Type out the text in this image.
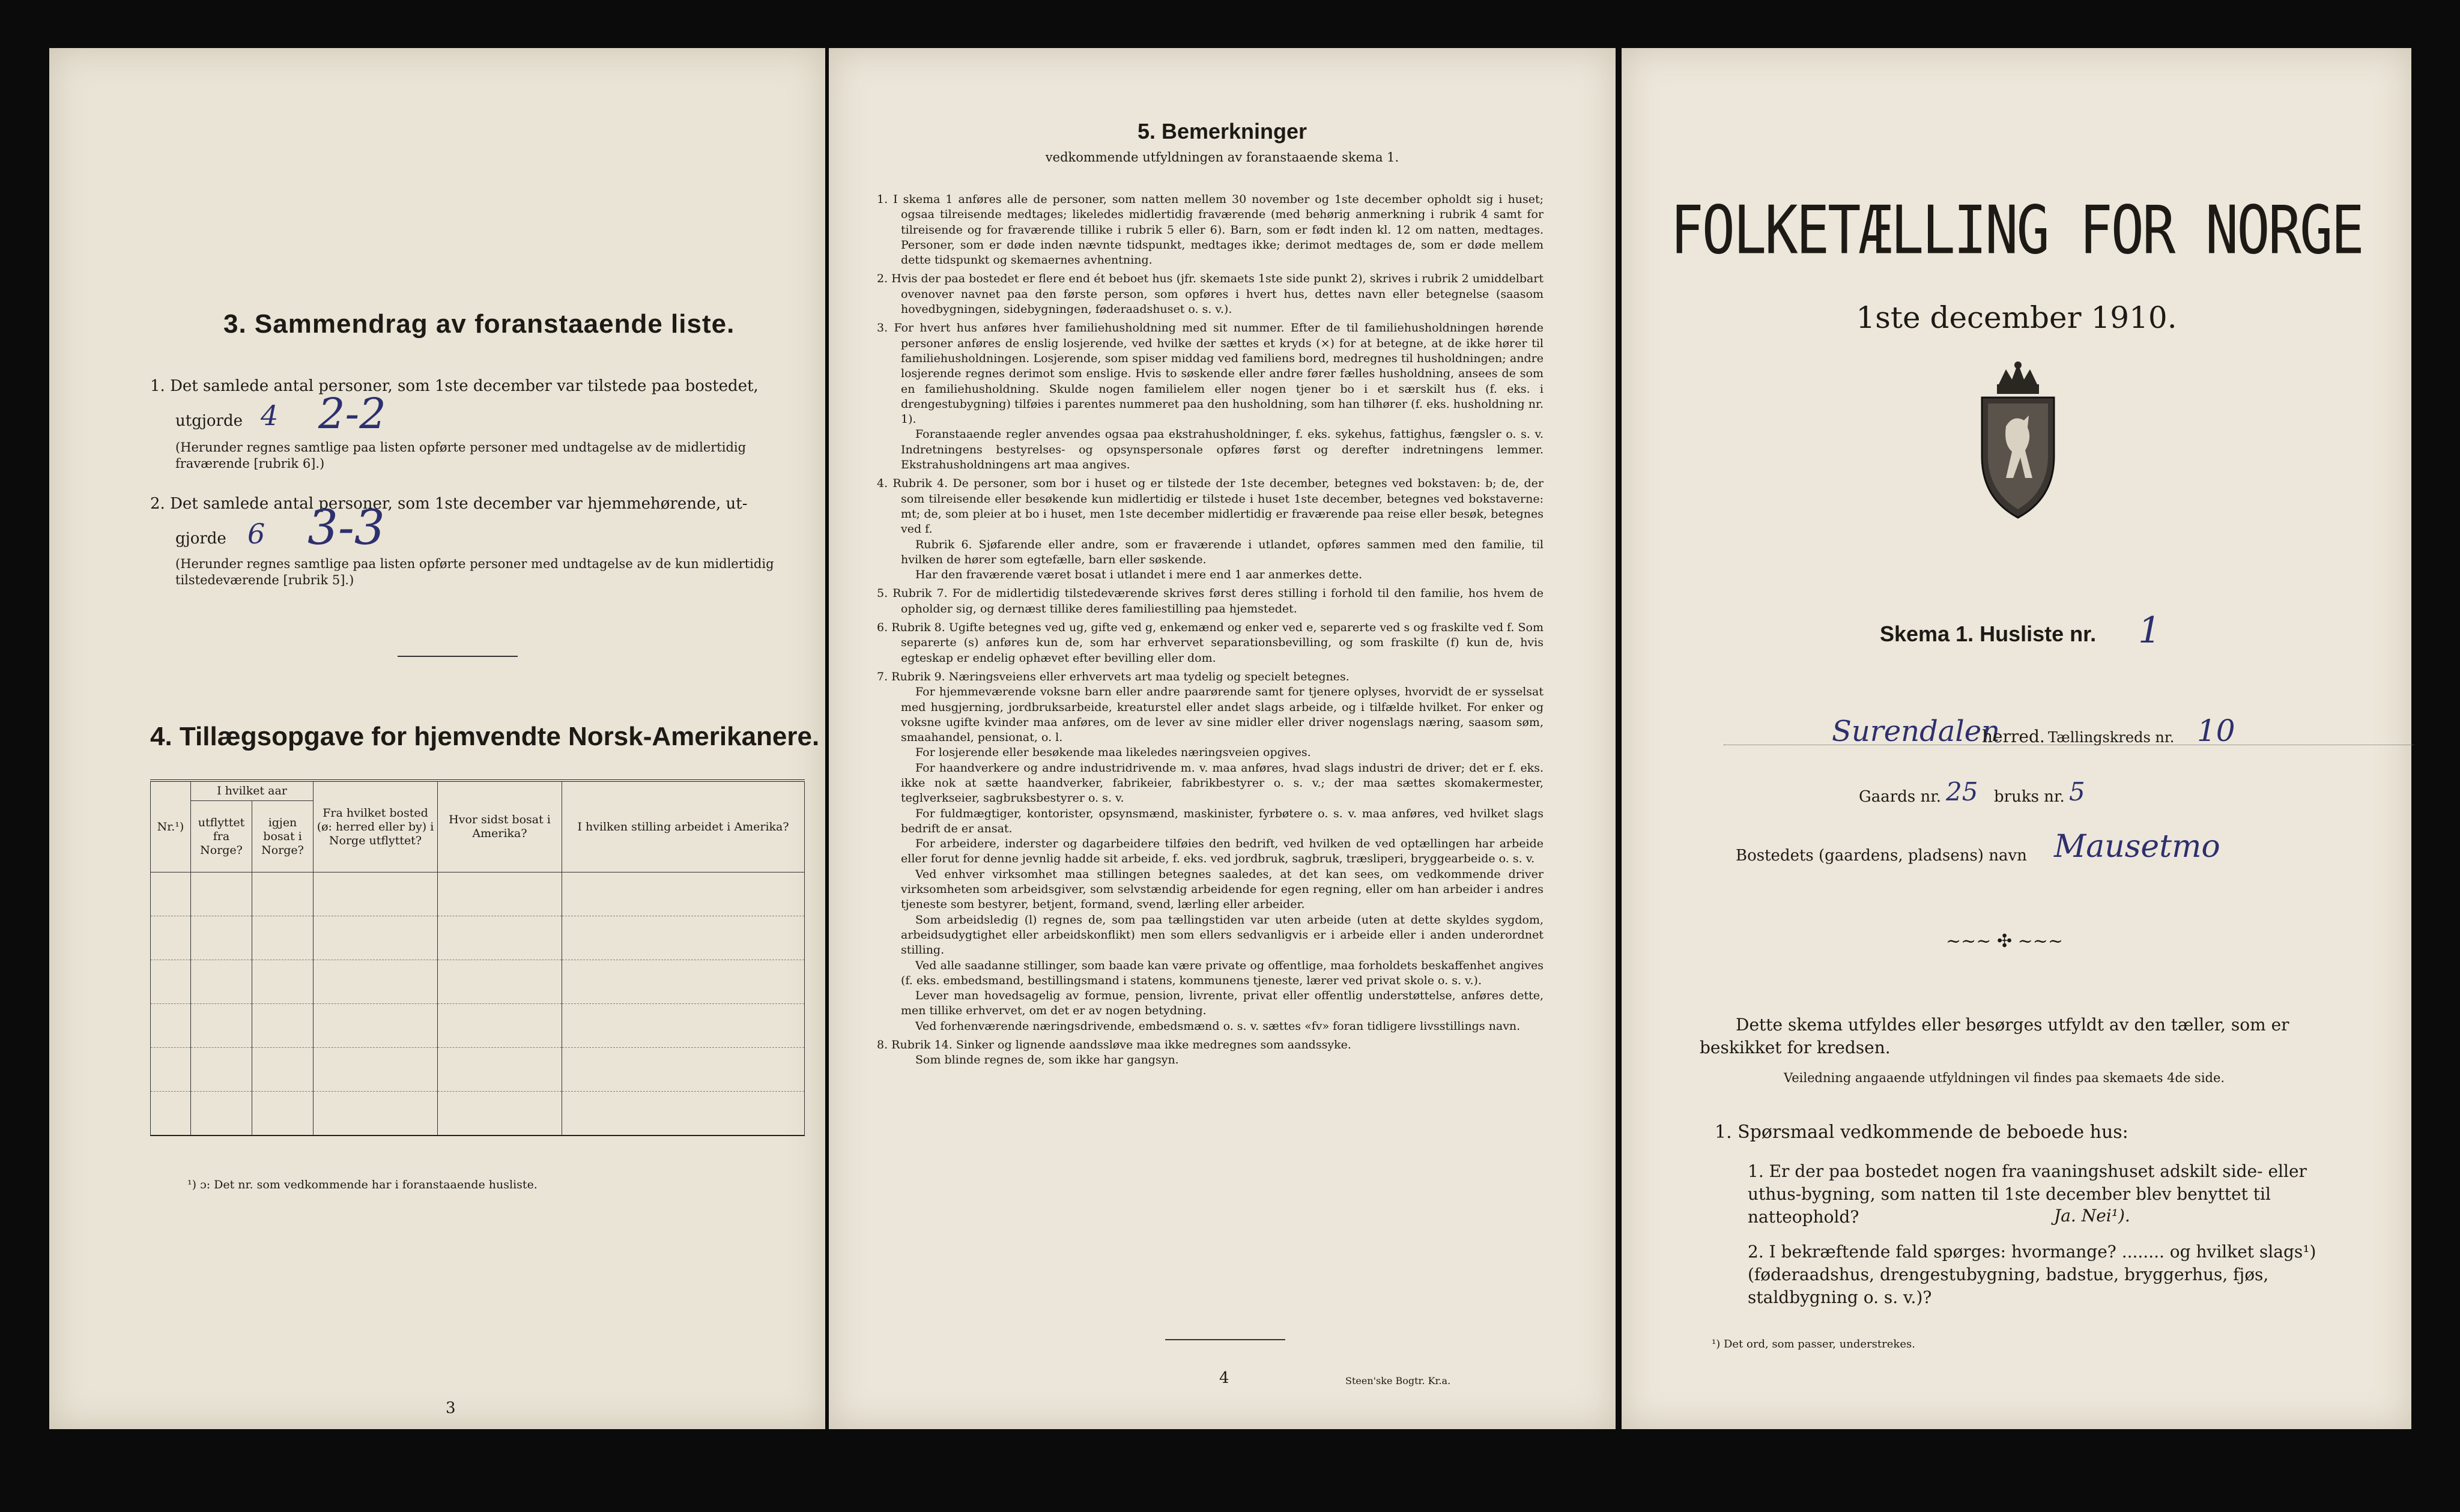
3. Sammendrag av foranstaaende liste.
1. Det samlede antal personer, som 1ste december var tilstede paa bostedet,
utgjorde 4 2-2
(Herunder regnes samtlige paa listen opførte personer med undtagelse av de midlertidig fraværende [rubrik 6].)
2. Det samlede antal personer, som 1ste december var hjemmehørende, ut-
gjorde 6 3-3
(Herunder regnes samtlige paa listen opførte personer med undtagelse av de kun midlertidig tilstedeværende [rubrik 5].)
4. Tillægsopgave for hjemvendte Norsk-Amerikanere.
Nr.¹)	I hvilket aar		Fra hvilket bosted (ø: herred eller by) i Norge utflyttet?	Hvor sidst bosat i Amerika?	I hvilken stilling arbeidet i Amerika?
	utflyttet fra Norge?	igjen bosat i Norge?			

¹) ɔ: Det nr. som vedkommende har i foranstaaende husliste.
3
5. Bemerkninger
vedkommende utfyldningen av foranstaaende skema 1.

1. I skema 1 anføres alle de personer, som natten mellem 30 november og 1ste december opholdt sig i huset; ogsaa tilreisende medtages; likeledes midlertidig fraværende (med behørig anmerkning i rubrik 4 samt for tilreisende og for fraværende tillike i rubrik 5 eller 6). Barn, som er født inden kl. 12 om natten, medtages. Personer, som er døde inden nævnte tidspunkt, medtages ikke; derimot medtages de, som er døde mellem dette tidspunkt og skemaernes avhentning.

2. Hvis der paa bostedet er flere end ét beboet hus (jfr. skemaets 1ste side punkt 2), skrives i rubrik 2 umiddelbart ovenover navnet paa den første person, som opføres i hvert hus, dettes navn eller betegnelse (saasom hovedbygningen, sidebygningen, føderaadshuset o. s. v.).

3. For hvert hus anføres hver familiehusholdning med sit nummer. Efter de til familiehusholdningen hørende personer anføres de enslig losjerende, ved hvilke der sættes et kryds (×) for at betegne, at de ikke hører til familiehusholdningen. Losjerende, som spiser middag ved familiens bord, medregnes til husholdningen; andre losjerende regnes derimot som enslige. Hvis to søskende eller andre fører fælles husholdning, ansees de som en familiehusholdning. Skulde nogen familielem eller nogen tjener bo i et særskilt hus (f. eks. i drengestubygning) tilføies i parentes nummeret paa den husholdning, som han tilhører (f. eks. husholdning nr. 1).

Foranstaaende regler anvendes ogsaa paa ekstrahusholdninger, f. eks. sykehus, fattighus, fængsler o. s. v. Indretningens bestyrelses- og opsynspersonale opføres først og derefter indretningens lemmer. Ekstrahusholdningens art maa angives.

4. Rubrik 4. De personer, som bor i huset og er tilstede der 1ste december, betegnes ved bokstaven: b; de, der som tilreisende eller besøkende kun midlertidig er tilstede i huset 1ste december, betegnes ved bokstaverne: mt; de, som pleier at bo i huset, men 1ste december midlertidig er fraværende paa reise eller besøk, betegnes ved f.

Rubrik 6. Sjøfarende eller andre, som er fraværende i utlandet, opføres sammen med den familie, til hvilken de hører som egtefælle, barn eller søskende.

Har den fraværende været bosat i utlandet i mere end 1 aar anmerkes dette.

5. Rubrik 7. For de midlertidig tilstedeværende skrives først deres stilling i forhold til den familie, hos hvem de opholder sig, og dernæst tillike deres familiestilling paa hjemstedet.

6. Rubrik 8. Ugifte betegnes ved ug, gifte ved g, enkemænd og enker ved e, separerte ved s og fraskilte ved f. Som separerte (s) anføres kun de, som har erhvervet separationsbevilling, og som fraskilte (f) kun de, hvis egteskap er endelig ophævet efter bevilling eller dom.

7. Rubrik 9. Næringsveiens eller erhvervets art maa tydelig og specielt betegnes.

For hjemmeværende voksne barn eller andre paarørende samt for tjenere oplyses, hvorvidt de er sysselsat med husgjerning, jordbruksarbeide, kreaturstel eller andet slags arbeide, og i tilfælde hvilket. For enker og voksne ugifte kvinder maa anføres, om de lever av sine midler eller driver nogenslags næring, saasom søm, smaahandel, pensionat, o. l.

For losjerende eller besøkende maa likeledes næringsveien opgives.

For haandverkere og andre industridrivende m. v. maa anføres, hvad slags industri de driver; det er f. eks. ikke nok at sætte haandverker, fabrikeier, fabrikbestyrer o. s. v.; der maa sættes skomakermester, teglverkseier, sagbruksbestyrer o. s. v.

For fuldmægtiger, kontorister, opsynsmænd, maskinister, fyrbøtere o. s. v. maa anføres, ved hvilket slags bedrift de er ansat.

For arbeidere, inderster og dagarbeidere tilføies den bedrift, ved hvilken de ved optællingen har arbeide eller forut for denne jevnlig hadde sit arbeide, f. eks. ved jordbruk, sagbruk, træsliperi, bryggearbeide o. s. v.

Ved enhver virksomhet maa stillingen betegnes saaledes, at det kan sees, om vedkommende driver virksomheten som arbeidsgiver, som selvstændig arbeidende for egen regning, eller om han arbeider i andres tjeneste som bestyrer, betjent, formand, svend, lærling eller arbeider.

Som arbeidsledig (l) regnes de, som paa tællingstiden var uten arbeide (uten at dette skyldes sygdom, arbeidsudygtighet eller arbeidskonflikt) men som ellers sedvanligvis er i arbeide eller i anden underordnet stilling.

Ved alle saadanne stillinger, som baade kan være private og offentlige, maa forholdets beskaffenhet angives (f. eks. embedsmand, bestillingsmand i statens, kommunens tjeneste, lærer ved privat skole o. s. v.).

Lever man hovedsagelig av formue, pension, livrente, privat eller offentlig understøttelse, anføres dette, men tillike erhvervet, om det er av nogen betydning.

Ved forhenværende næringsdrivende, embedsmænd o. s. v. sættes «fv» foran tidligere livsstillings navn.

8. Rubrik 14. Sinker og lignende aandssløve maa ikke medregnes som aandssyke.

Som blinde regnes de, som ikke har gangsyn.

4	Steen'ske Bogtr. Kr.a.
FOLKETÆLLING FOR NORGE
1ste december 1910.
Skema 1. Husliste nr. 1
Surendalen
herred. Tællingskreds nr. 10
Gaards nr. 25 bruks nr. 5
Bostedets (gaardens, pladsens) navn Mausetmo
~~~ ✣ ~~~
Dette skema utfyldes eller besørges utfyldt av den tæller, som er beskikket for kredsen.
Veiledning angaaende utfyldningen vil findes paa skemaets 4de side.
1. Spørsmaal vedkommende de beboede hus:
1. Er der paa bostedet nogen fra vaaningshuset adskilt side- eller uthus-bygning, som natten til 1ste december blev benyttet til natteophold?	Ja. Nei¹).
2. I bekræftende fald spørges: hvormange? ........ og hvilket slags¹) (føderaadshus, drengestubygning, badstue, bryggerhus, fjøs, staldbygning o. s. v.)?
¹) Det ord, som passer, understrekes.
